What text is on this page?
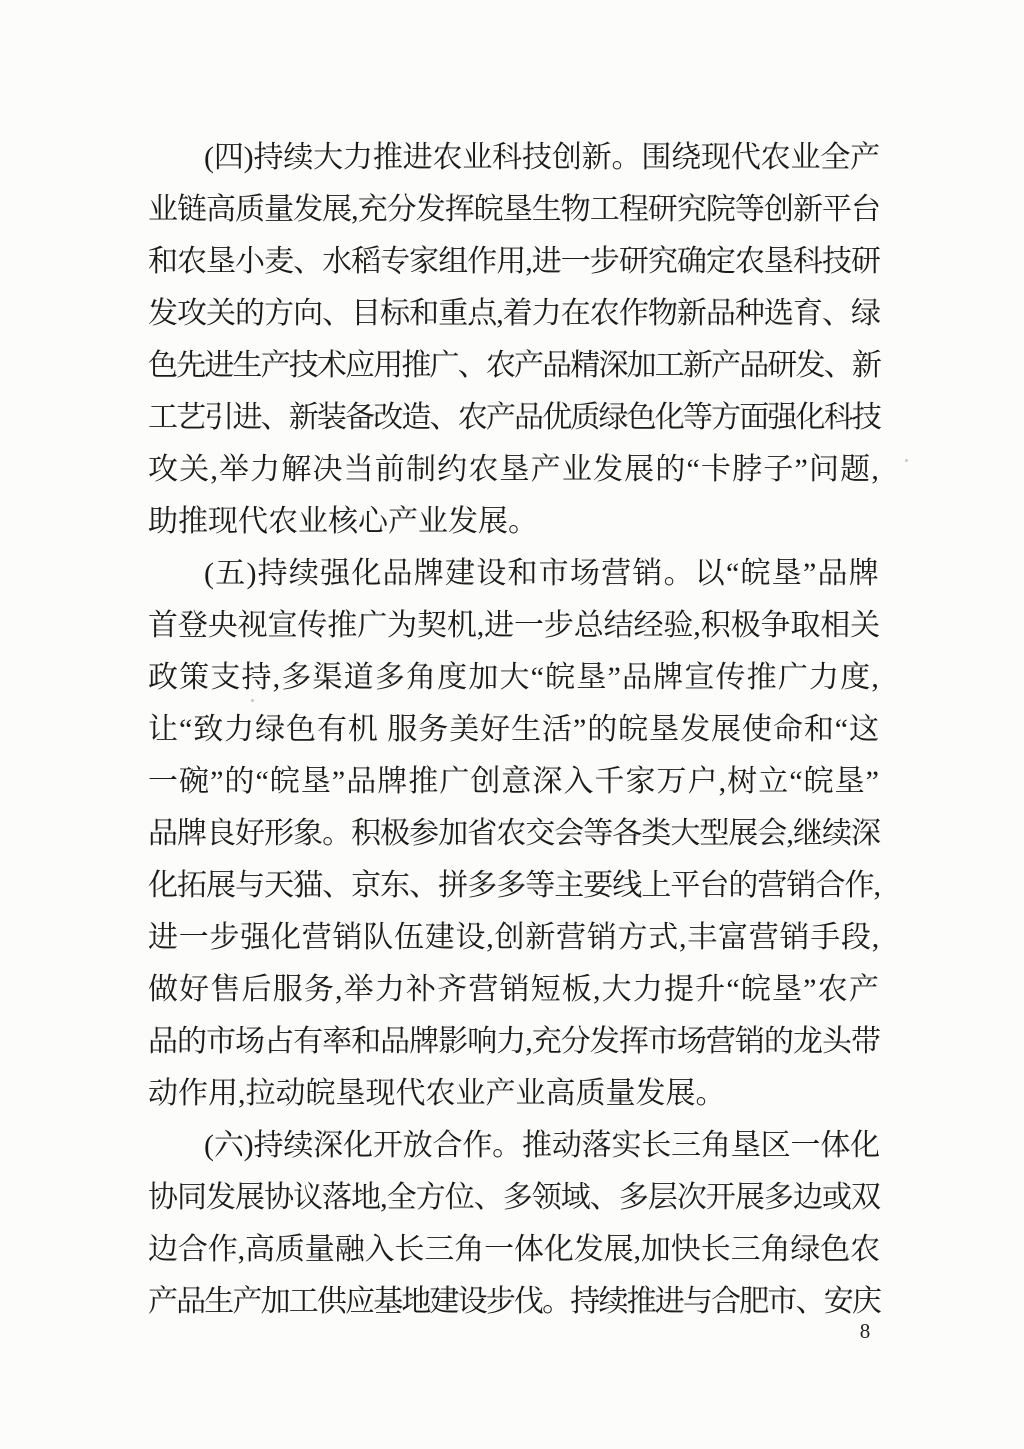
(四)持续大力推进农业科技创新。围绕现代农业全产
业链高质量发展,充分发挥皖垦生物工程研究院等创新平台
和农垦小麦、水稻专家组作用,进一步研究确定农垦科技研
发攻关的方向、目标和重点,着力在农作物新品种选育、绿
色先进生产技术应用推广、农产品精深加工新产品研发、新
工艺引进、新装备改造、农产品优质绿色化等方面强化科技
攻关,举力解决当前制约农垦产业发展的“卡脖子”问题,
助推现代农业核心产业发展。
(五)持续强化品牌建设和市场营销。以“皖垦”品牌
首登央视宣传推广为契机,进一步总结经验,积极争取相关
政策支持,多渠道多角度加大“皖垦”品牌宣传推广力度,
让“致力绿色有机 服务美好生活”的皖垦发展使命和“这
一碗”的“皖垦”品牌推广创意深入千家万户,树立“皖垦”
品牌良好形象。积极参加省农交会等各类大型展会,继续深
化拓展与天猫、京东、拼多多等主要线上平台的营销合作,
进一步强化营销队伍建设,创新营销方式,丰富营销手段,
做好售后服务,举力补齐营销短板,大力提升“皖垦”农产
品的市场占有率和品牌影响力,充分发挥市场营销的龙头带
动作用,拉动皖垦现代农业产业高质量发展。
(六)持续深化开放合作。推动落实长三角垦区一体化
协同发展协议落地,全方位、多领域、多层次开展多边或双
边合作,高质量融入长三角一体化发展,加快长三角绿色农
产品生产加工供应基地建设步伐。持续推进与合肥市、安庆
8
